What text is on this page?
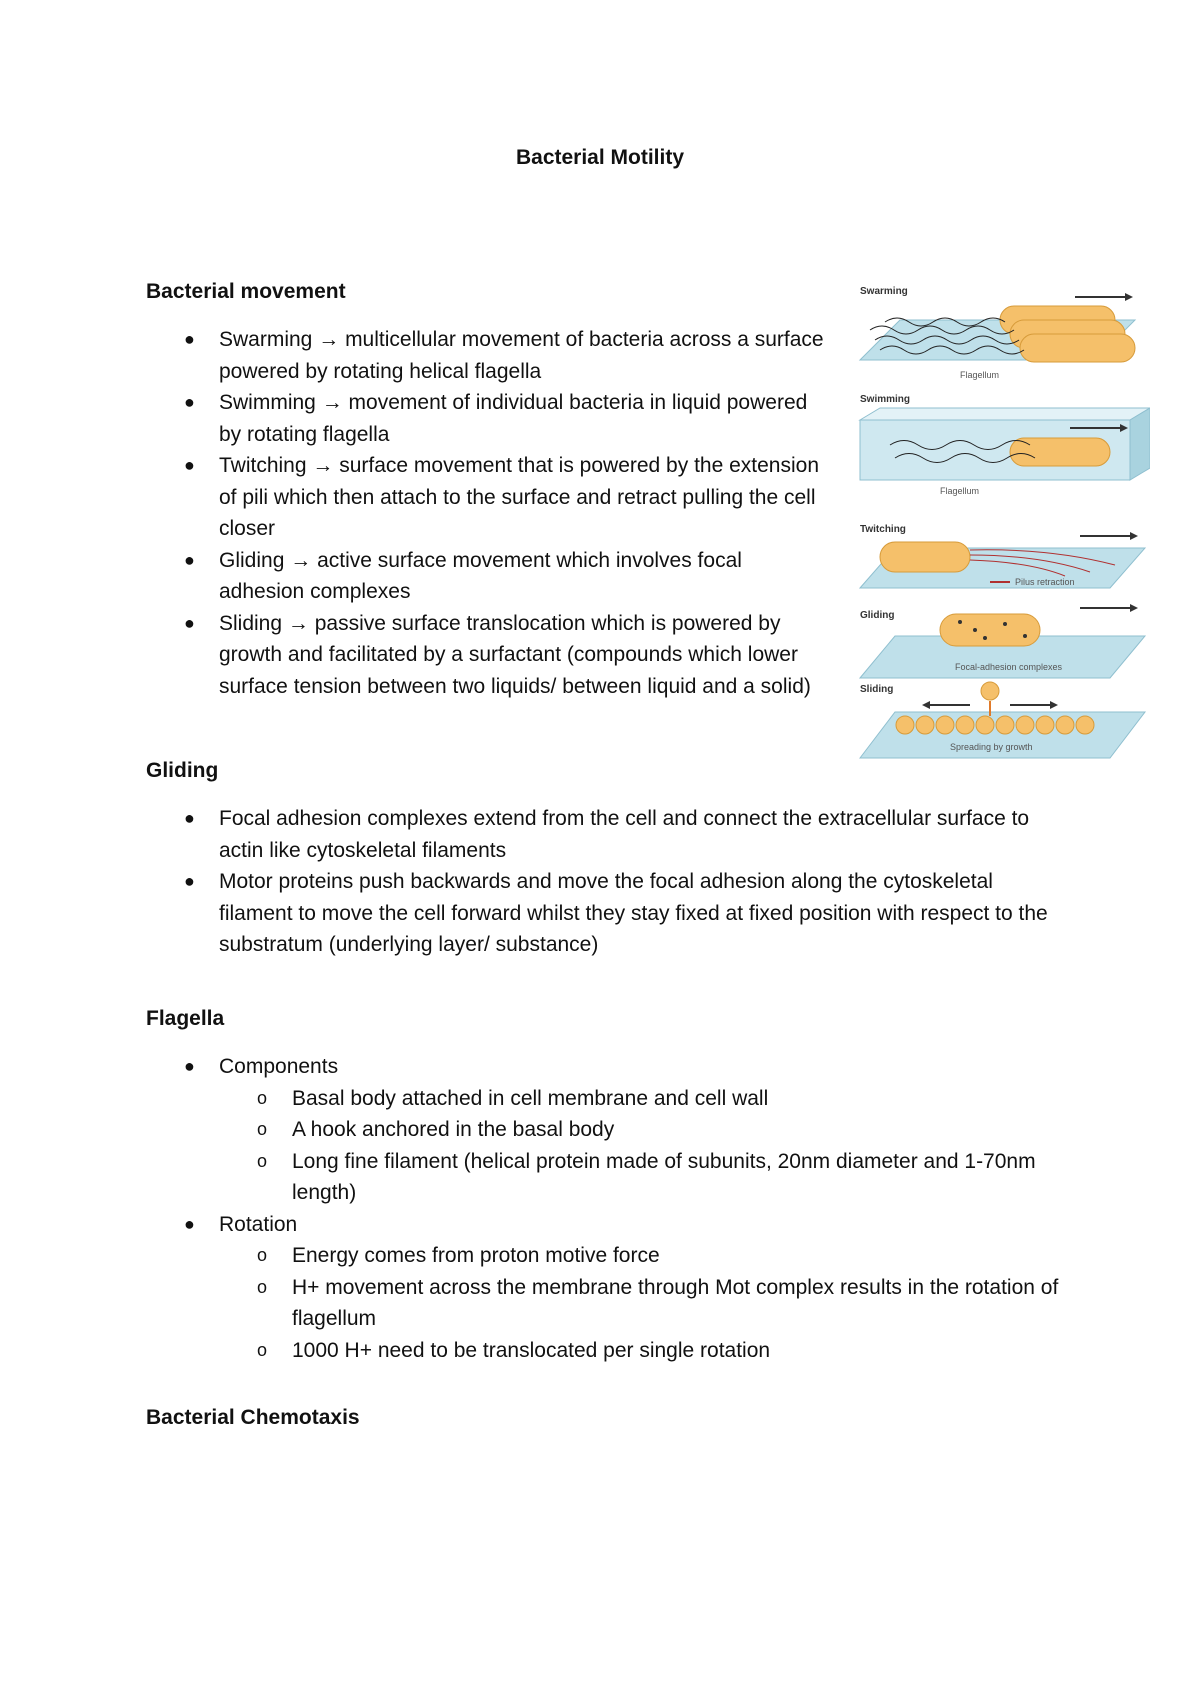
Bacterial Motility
Bacterial movement
● Swarming → multicellular movement of bacteria across a surface powered by rotating helical flagella
● Swimming → movement of individual bacteria in liquid powered by rotating flagella
● Twitching → surface movement that is powered by the extension of pili which then attach to the surface and retract pulling the cell closer
● Gliding → active surface movement which involves focal adhesion complexes
● Sliding → passive surface translocation which is powered by growth and facilitated by a surfactant (compounds which lower surface tension between two liquids/ between liquid and a solid)
Swarming
Flagellum
Swimming
Flagellum
Twitching
Pilus retraction
Gliding
Focal-adhesion complexes
Sliding
Spreading by growth
Gliding
● Focal adhesion complexes extend from the cell and connect the extracellular surface to actin like cytoskeletal filaments
● Motor proteins push backwards and move the focal adhesion along the cytoskeletal filament to move the cell forward whilst they stay fixed at fixed position with respect to the substratum (underlying layer/ substance)
Flagella
● Components
o Basal body attached in cell membrane and cell wall
o A hook anchored in the basal body
o Long fine filament (helical protein made of subunits, 20nm diameter and 1-70nm length)
● Rotation
o Energy comes from proton motive force
o H+ movement across the membrane through Mot complex results in the rotation of flagellum
o 1000 H+ need to be translocated per single rotation
Bacterial Chemotaxis
